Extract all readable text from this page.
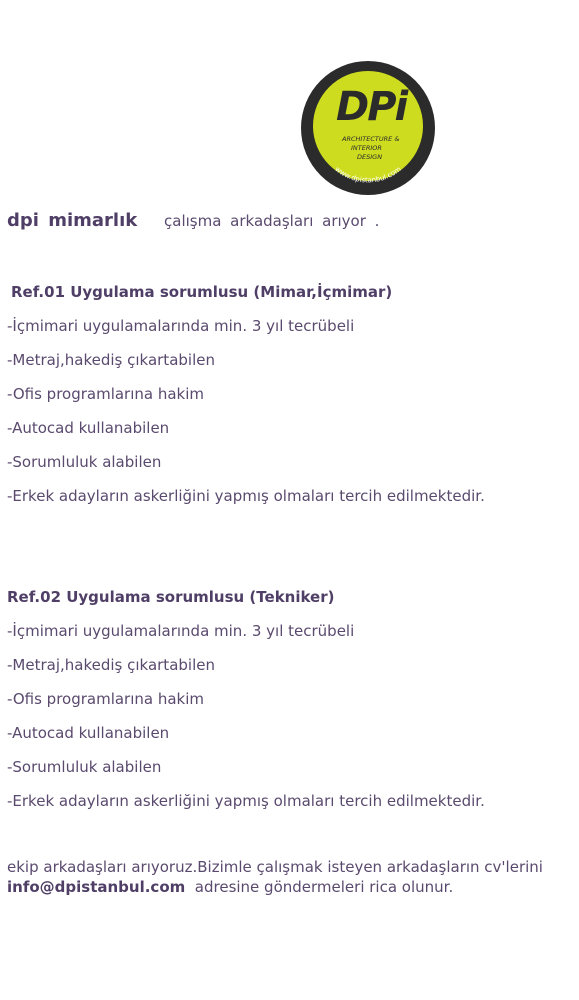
DPi
ARCHITECTURE &
INTERIOR
DESIGN
www.dpistanbul.com
dpi mimarlık çalışma arkadaşları arıyor .
Ref.01 Uygulama sorumlusu (Mimar,İçmimar)
-İçmimari uygulamalarında min. 3 yıl tecrübeli
-Metraj,hakediş çıkartabilen
-Ofis programlarına hakim
-Autocad kullanabilen
-Sorumluluk alabilen
-Erkek adayların askerliğini yapmış olmaları tercih edilmektedir.
Ref.02 Uygulama sorumlusu (Tekniker)
-İçmimari uygulamalarında min. 3 yıl tecrübeli
-Metraj,hakediş çıkartabilen
-Ofis programlarına hakim
-Autocad kullanabilen
-Sorumluluk alabilen
-Erkek adayların askerliğini yapmış olmaları tercih edilmektedir.
ekip arkadaşları arıyoruz.Bizimle çalışmak isteyen arkadaşların cv'lerini
info@dpistanbul.com  adresine göndermeleri rica olunur.
